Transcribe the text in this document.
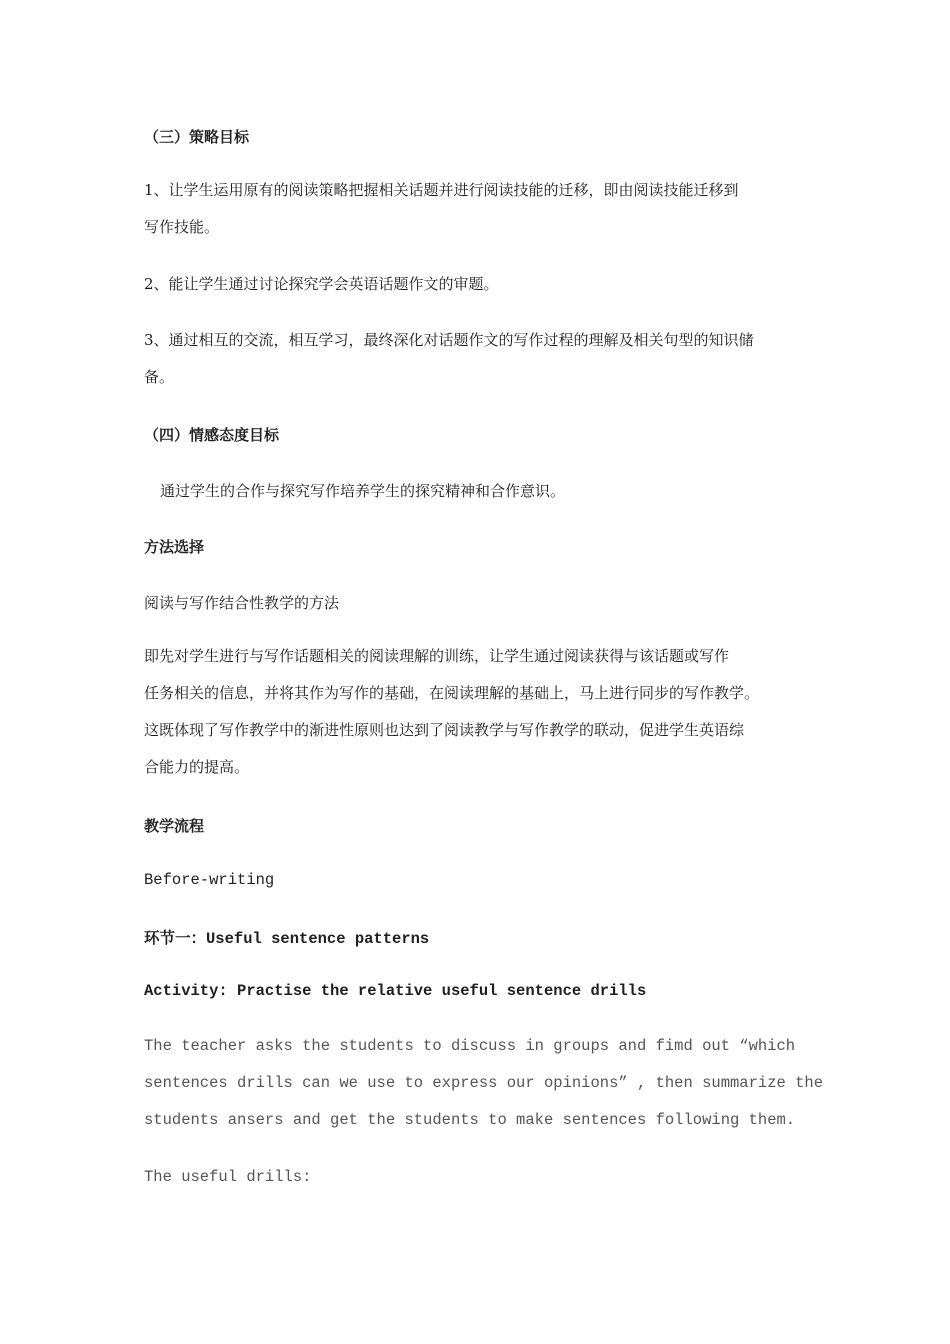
（三）策略目标

1、让学生运用原有的阅读策略把握相关话题并进行阅读技能的迁移，即由阅读技能迁移到

写作技能。

2、能让学生通过讨论探究学会英语话题作文的审题。

3、通过相互的交流，相互学习，最终深化对话题作文的写作过程的理解及相关句型的知识储

备。

（四）情感态度目标
通过学生的合作与探究写作培养学生的探究精神和合作意识。
方法选择
阅读与写作结合性教学的方法

即先对学生进行与写作话题相关的阅读理解的训练，让学生通过阅读获得与该话题或写作

任务相关的信息，并将其作为写作的基础，在阅读理解的基础上，马上进行同步的写作教学。

这既体现了写作教学中的渐进性原则也达到了阅读教学与写作教学的联动，促进学生英语综

合能力的提高。

教学流程
Before-writing
环节一：Useful sentence patterns
Activity: Practise the relative useful sentence drills

The teacher asks the students to discuss in groups and fimd out “which

sentences drills can we use to express our opinions” , then summarize the

students ansers and get the students to make sentences following them.

The useful drills:
